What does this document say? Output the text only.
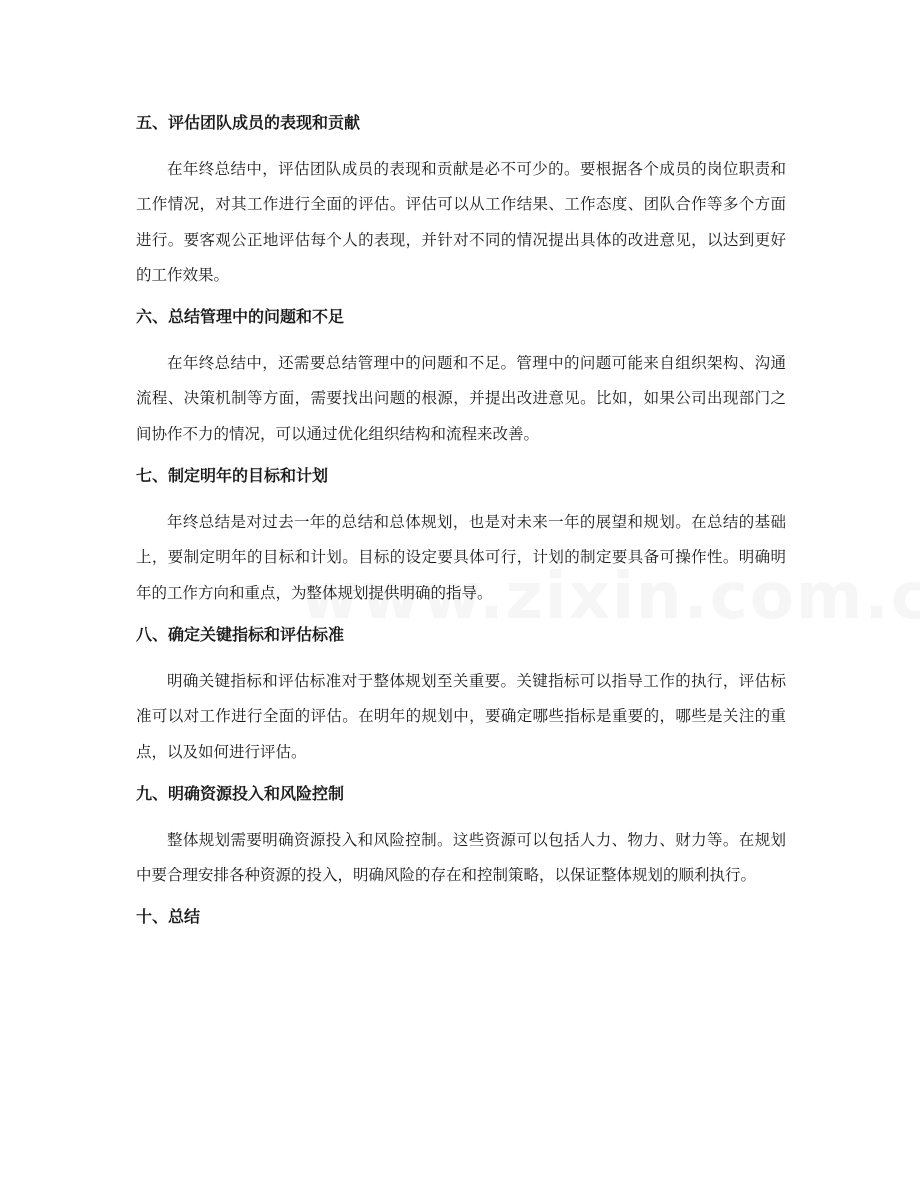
五、评估团队成员的表现和贡献

在年终总结中，评估团队成员的表现和贡献是必不可少的。要根据各个成员的岗位职责和工作情况，对其工作进行全面的评估。评估可以从工作结果、工作态度、团队合作等多个方面进行。要客观公正地评估每个人的表现，并针对不同的情况提出具体的改进意见，以达到更好的工作效果。

六、总结管理中的问题和不足

在年终总结中，还需要总结管理中的问题和不足。管理中的问题可能来自组织架构、沟通流程、决策机制等方面，需要找出问题的根源，并提出改进意见。比如，如果公司出现部门之间协作不力的情况，可以通过优化组织结构和流程来改善。

七、制定明年的目标和计划

年终总结是对过去一年的总结和总体规划，也是对未来一年的展望和规划。在总结的基础上，要制定明年的目标和计划。目标的设定要具体可行，计划的制定要具备可操作性。明确明年的工作方向和重点，为整体规划提供明确的指导。

八、确定关键指标和评估标准

明确关键指标和评估标准对于整体规划至关重要。关键指标可以指导工作的执行，评估标准可以对工作进行全面的评估。在明年的规划中，要确定哪些指标是重要的，哪些是关注的重点，以及如何进行评估。

九、明确资源投入和风险控制

整体规划需要明确资源投入和风险控制。这些资源可以包括人力、物力、财力等。在规划中要合理安排各种资源的投入，明确风险的存在和控制策略，以保证整体规划的顺利执行。

十、总结
